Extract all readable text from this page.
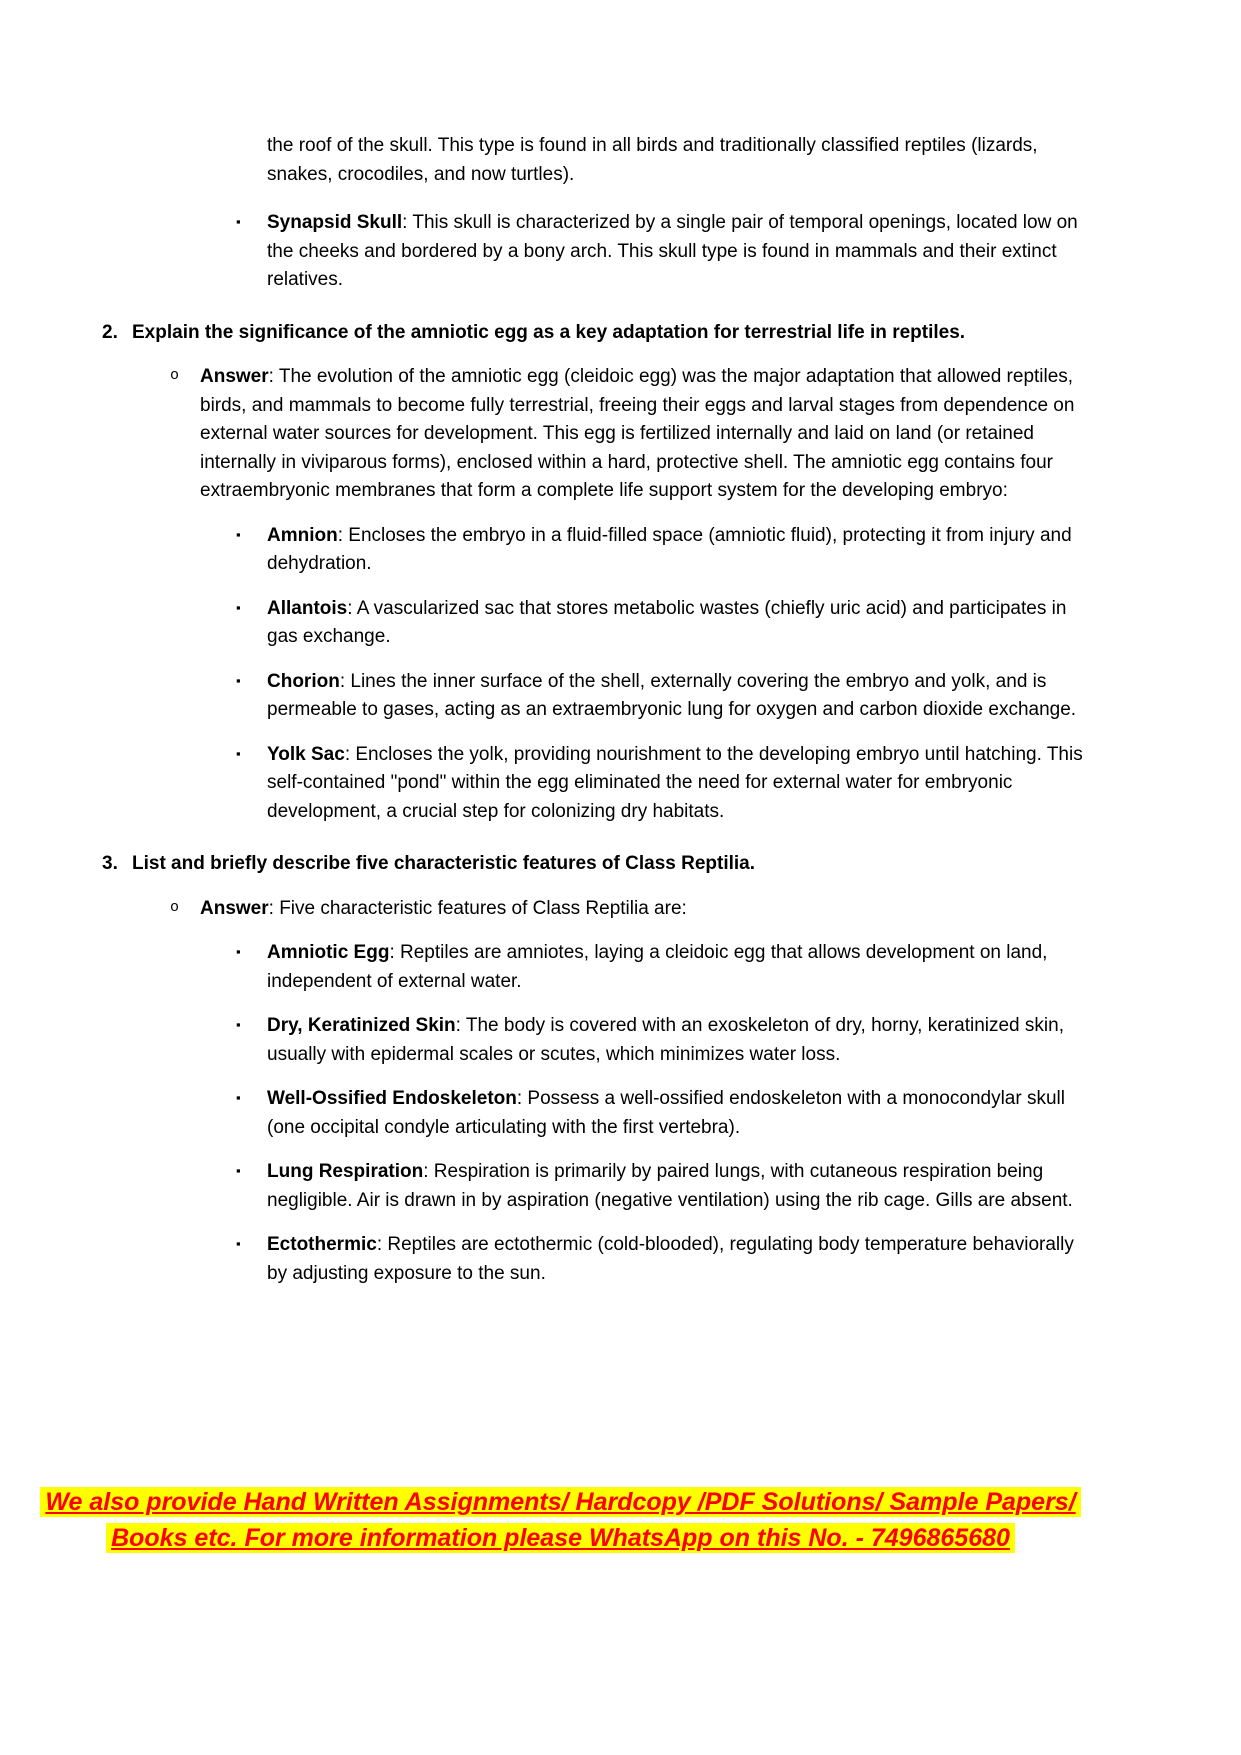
the roof of the skull. This type is found in all birds and traditionally classified reptiles (lizards, snakes, crocodiles, and now turtles).

▪ Synapsid Skull: This skull is characterized by a single pair of temporal openings, located low on the cheeks and bordered by a bony arch. This skull type is found in mammals and their extinct relatives.
2. Explain the significance of the amniotic egg as a key adaptation for terrestrial life in reptiles.
o Answer: The evolution of the amniotic egg (cleidoic egg) was the major adaptation that allowed reptiles, birds, and mammals to become fully terrestrial, freeing their eggs and larval stages from dependence on external water sources for development. This egg is fertilized internally and laid on land (or retained internally in viviparous forms), enclosed within a hard, protective shell. The amniotic egg contains four extraembryonic membranes that form a complete life support system for the developing embryo:
▪ Amnion: Encloses the embryo in a fluid-filled space (amniotic fluid), protecting it from injury and dehydration.
▪ Allantois: A vascularized sac that stores metabolic wastes (chiefly uric acid) and participates in gas exchange.
▪ Chorion: Lines the inner surface of the shell, externally covering the embryo and yolk, and is permeable to gases, acting as an extraembryonic lung for oxygen and carbon dioxide exchange.
▪ Yolk Sac: Encloses the yolk, providing nourishment to the developing embryo until hatching. This self-contained "pond" within the egg eliminated the need for external water for embryonic development, a crucial step for colonizing dry habitats.
3. List and briefly describe five characteristic features of Class Reptilia.
o Answer: Five characteristic features of Class Reptilia are:
▪ Amniotic Egg: Reptiles are amniotes, laying a cleidoic egg that allows development on land, independent of external water.
▪ Dry, Keratinized Skin: The body is covered with an exoskeleton of dry, horny, keratinized skin, usually with epidermal scales or scutes, which minimizes water loss.
▪ Well-Ossified Endoskeleton: Possess a well-ossified endoskeleton with a monocondylar skull (one occipital condyle articulating with the first vertebra).
▪ Lung Respiration: Respiration is primarily by paired lungs, with cutaneous respiration being negligible. Air is drawn in by aspiration (negative ventilation) using the rib cage. Gills are absent.
▪ Ectothermic: Reptiles are ectothermic (cold-blooded), regulating body temperature behaviorally by adjusting exposure to the sun.
We also provide Hand Written Assignments/ Hardcopy /PDF Solutions/ Sample Papers/
Books etc. For more information please WhatsApp on this No. - 7496865680
